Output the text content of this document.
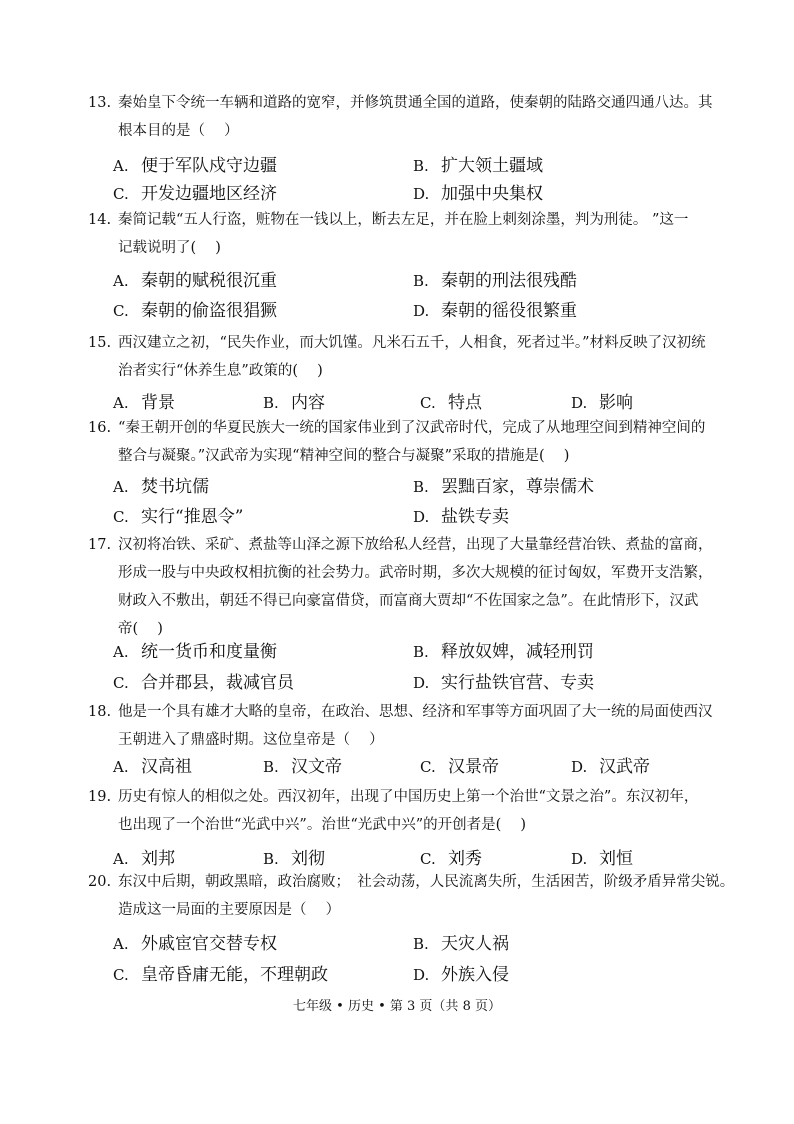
七年级 • 历史 • 第 3 页（共 8 页）
13. 秦始皇下令统一车辆和道路的宽窄，并修筑贯通全国的道路，使秦朝的陆路交通四通八达。其
根本目的是（　 ）
A. 便于军队戍守边疆	B. 扩大领土疆域
C. 开发边疆地区经济	D. 加强中央集权
14. 秦简记载“五人行盗，赃物在一钱以上，断去左足，并在脸上刺刻涂墨，判为刑徒。 ”这一
记载说明了(　 )
A. 秦朝的赋税很沉重	B. 秦朝的刑法很残酷
C. 秦朝的偷盗很猖獗	D. 秦朝的徭役很繁重
15. 西汉建立之初，“民失作业，而大饥馑。凡米石五千，人相食，死者过半。”材料反映了汉初统
治者实行“休养生息”政策的(　 )
A. 背景	B. 内容	C. 特点	D. 影响
16. “秦王朝开创的华夏民族大一统的国家伟业到了汉武帝时代，完成了从地理空间到精神空间的
整合与凝聚。”汉武帝为实现“精神空间的整合与凝聚”采取的措施是(　 )
A. 焚书坑儒	B. 罢黜百家，尊崇儒术
C. 实行“推恩令”	D. 盐铁专卖
17. 汉初将冶铁、采矿、煮盐等山泽之源下放给私人经营，出现了大量靠经营冶铁、煮盐的富商，
形成一股与中央政权相抗衡的社会势力。武帝时期，多次大规模的征讨匈奴，军费开支浩繁，
财政入不敷出，朝廷不得已向豪富借贷，而富商大贾却“不佐国家之急”。在此情形下，汉武
帝(　 )
A. 统一货币和度量衡	B. 释放奴婢，减轻刑罚
C. 合并郡县，裁减官员	D. 实行盐铁官营、专卖
18. 他是一个具有雄才大略的皇帝，在政治、思想、经济和军事等方面巩固了大一统的局面使西汉
王朝进入了鼎盛时期。这位皇帝是（　 ）
A. 汉高祖	B. 汉文帝	C. 汉景帝	D. 汉武帝
19. 历史有惊人的相似之处。西汉初年，出现了中国历史上第一个治世“文景之治”。东汉初年，
也出现了一个治世“光武中兴”。治世“光武中兴”的开创者是(　 )
A. 刘邦	B. 刘彻	C. 刘秀	D. 刘恒
20. 东汉中后期，朝政黑暗，政治腐败；　社会动荡，人民流离失所，生活困苦，阶级矛盾异常尖锐。
造成这一局面的主要原因是（　 ）
A. 外戚宦官交替专权	B. 天灾人祸
C. 皇帝昏庸无能，不理朝政	D. 外族入侵
